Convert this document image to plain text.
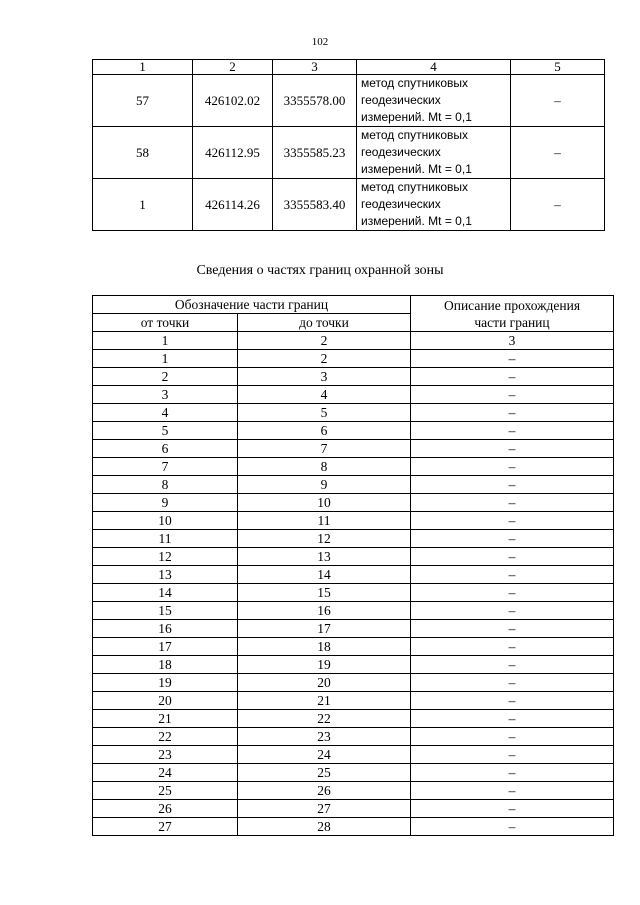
102
1	2	3	4	5
57	426102.02	3355578.00	метод спутниковых
геодезических
измерений. Mt = 0,1	–
58	426112.95	3355585.23	метод спутниковых
геодезических
измерений. Mt = 0,1	–
1	426114.26	3355583.40	метод спутниковых
геодезических
измерений. Mt = 0,1	–
Сведения о частях границ охранной зоны
Обозначение части границ		Описание прохождения
части границ

от точки	до точки	
1	2	3
1	2	–
2	3	–
3	4	–
4	5	–
5	6	–
6	7	–
7	8	–
8	9	–
9	10	–
10	11	–
11	12	–
12	13	–
13	14	–
14	15	–
15	16	–
16	17	–
17	18	–
18	19	–
19	20	–
20	21	–
21	22	–
22	23	–
23	24	–
24	25	–
25	26	–
26	27	–
27	28	–
